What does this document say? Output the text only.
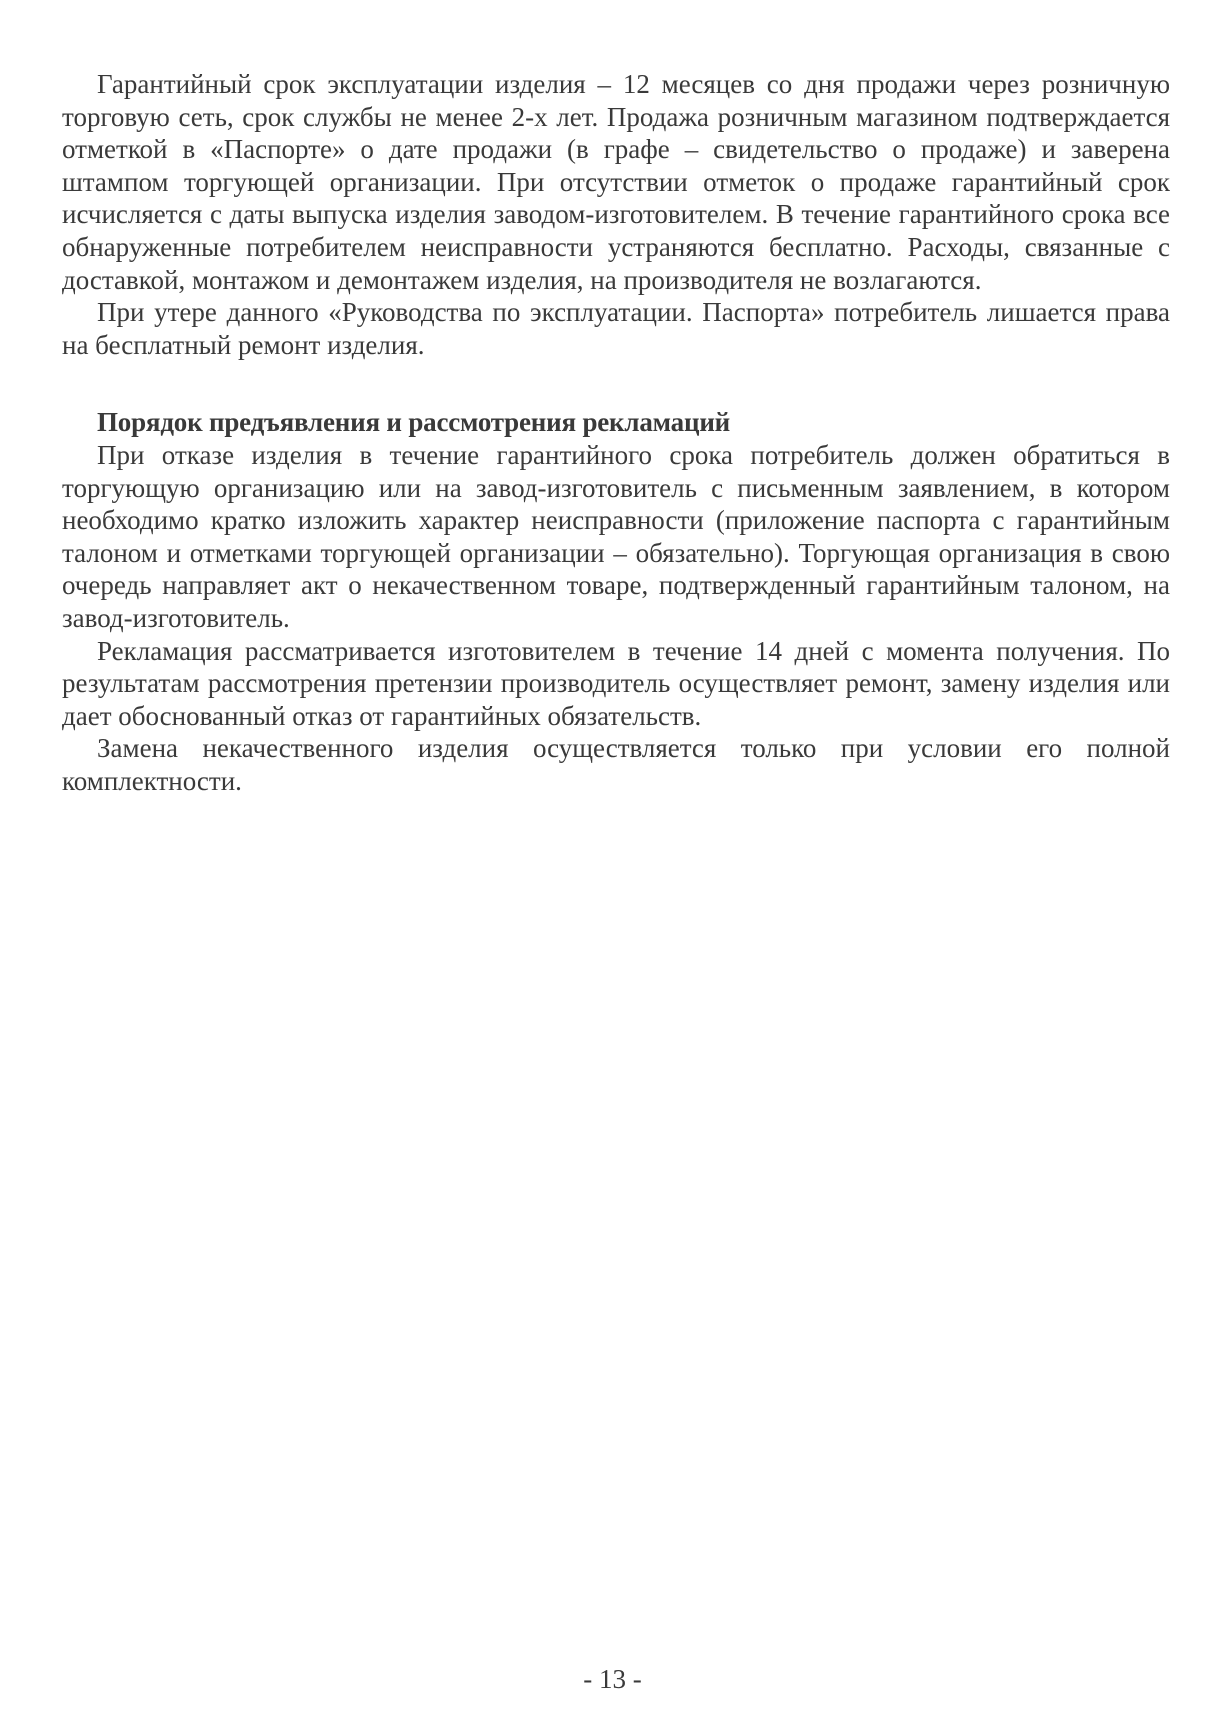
Гарантийный срок эксплуатации изделия – 12 месяцев со дня продажи через розничную торговую сеть, срок службы не менее 2-х лет. Продажа розничным магазином подтверждается отметкой в «Паспорте» о дате продажи (в графе – свидетельство о продаже) и заверена штампом торгующей организации. При отсутствии отметок о продаже гарантийный срок исчисляется с даты выпуска изделия заводом-изготовителем. В течение гарантийного срока все обнаруженные потребителем неисправности устраняются бесплатно. Расходы, связанные с доставкой, монтажом и демонтажем изделия, на производителя не возлагаются.

При утере данного «Руководства по эксплуатации. Паспорта» потребитель лишается права на бесплатный ремонт изделия.

Порядок предъявления и рассмотрения рекламаций

При отказе изделия в течение гарантийного срока потребитель должен обратиться в торгующую организацию или на завод-изготовитель с письменным заявлением, в котором необходимо кратко изложить характер неисправности (приложение паспорта с гарантийным талоном и отметками торгующей организации – обязательно). Торгующая организация в свою очередь направляет акт о некачественном товаре, подтвержденный гарантийным талоном, на завод-изготовитель.

Рекламация рассматривается изготовителем в течение 14 дней с момента получения. По результатам рассмотрения претензии производитель осуществляет ремонт, замену изделия или дает обоснованный отказ от гарантийных обязательств.

Замена некачественного изделия осуществляется только при условии его полной комплектности.

- 13 -
